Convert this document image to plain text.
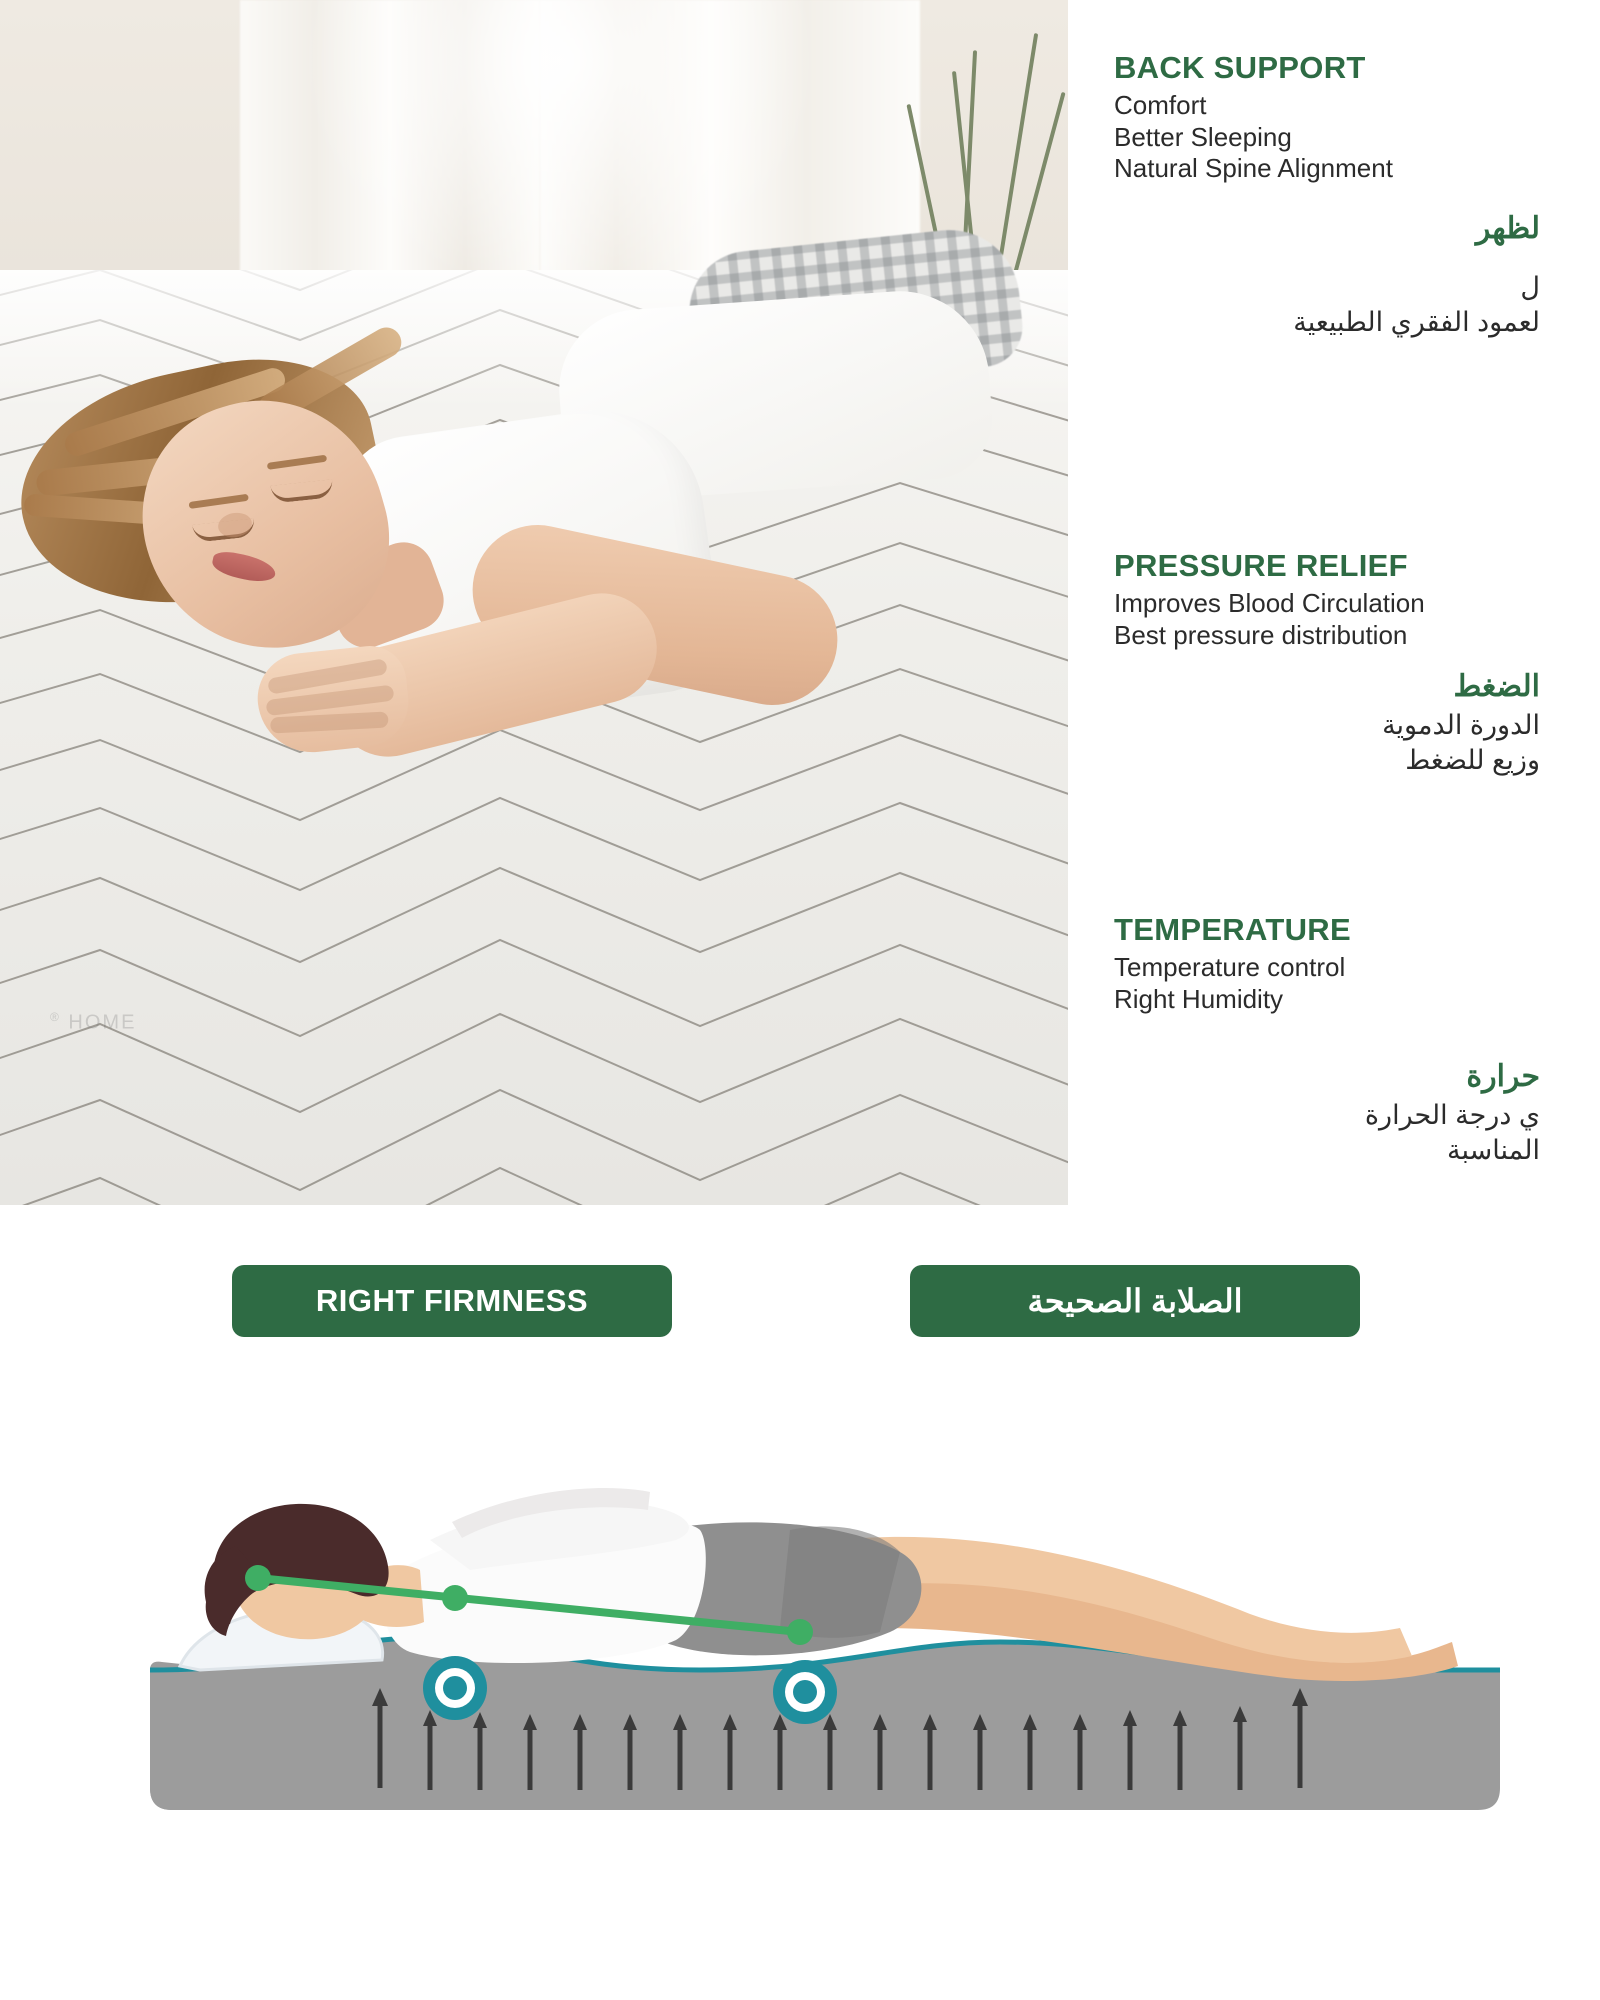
® HOME
BACK SUPPORT
Comfort
Better Sleeping
Natural Spine Alignment
لظهر
ل
لعمود الفقري الطبيعية
PRESSURE RELIEF
Improves Blood Circulation
Best pressure distribution
الضغط
الدورة الدموية
وزيع للضغط
TEMPERATURE
Temperature control
Right Humidity
حرارة
ي درجة الحرارة
المناسبة
RIGHT FIRMNESS	الصلابة الصحيحة
